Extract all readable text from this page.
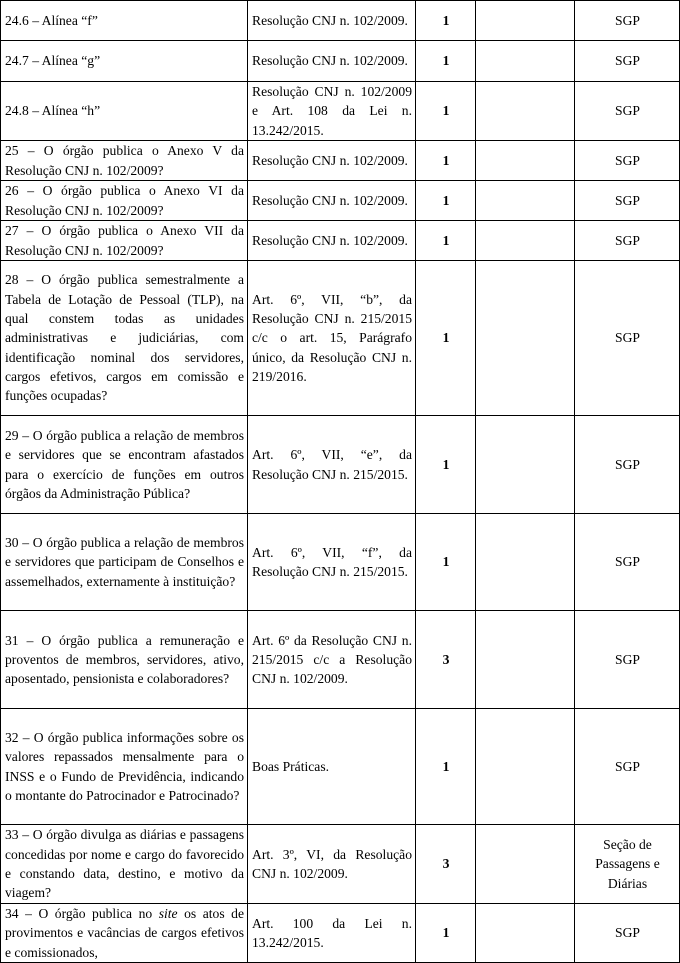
24.6 – Alínea “f”	Resolução CNJ n. 102/2009.	1		SGP
24.7 – Alínea “g”	Resolução CNJ n. 102/2009.	1		SGP
24.8 – Alínea “h”	Resolução CNJ n. 102/2009 e Art. 108 da Lei n. 13.242/2015.	1		SGP
25 – O órgão publica o Anexo V da Resolução CNJ n. 102/2009?	Resolução CNJ n. 102/2009.	1		SGP
26 – O órgão publica o Anexo VI da Resolução CNJ n. 102/2009?	Resolução CNJ n. 102/2009.	1		SGP
27 – O órgão publica o Anexo VII da Resolução CNJ n. 102/2009?	Resolução CNJ n. 102/2009.	1		SGP
28 – O órgão publica semestralmente a Tabela de Lotação de Pessoal (TLP), na qual constem todas as unidades administrativas e judiciárias, com identificação nominal dos servidores, cargos efetivos, cargos em comissão e funções ocupadas?	Art. 6º, VII, “b”, da Resolução CNJ n. 215/2015 c/c o art. 15, Parágrafo único, da Resolução CNJ n. 219/2016.	1		SGP
29 – O órgão publica a relação de membros e servidores que se encontram afastados para o exercício de funções em outros órgãos da Administração Pública?	Art. 6º, VII, “e”, da Resolução CNJ n. 215/2015.	1		SGP
30 – O órgão publica a relação de membros e servidores que participam de Conselhos e assemelhados, externamente à instituição?	Art. 6º, VII, “f”, da Resolução CNJ n. 215/2015.	1		SGP
31 – O órgão publica a remuneração e proventos de membros, servidores, ativo, aposentado, pensionista e colaboradores?	Art. 6º da Resolução CNJ n. 215/2015 c/c a Resolução CNJ n. 102/2009.	3		SGP
32 – O órgão publica informações sobre os valores repassados mensalmente para o INSS e o Fundo de Previdência, indicando o montante do Patrocinador e Patrocinado?	Boas Práticas.	1		SGP
33 – O órgão divulga as diárias e passagens concedidas por nome e cargo do favorecido e constando data, destino, e motivo da viagem?	Art. 3º, VI, da Resolução CNJ n. 102/2009.	3		Seção de Passagens e Diárias
34 – O órgão publica no site os atos de provimentos e vacâncias de cargos efetivos e comissionados,	Art. 100 da Lei n. 13.242/2015.	1		SGP
